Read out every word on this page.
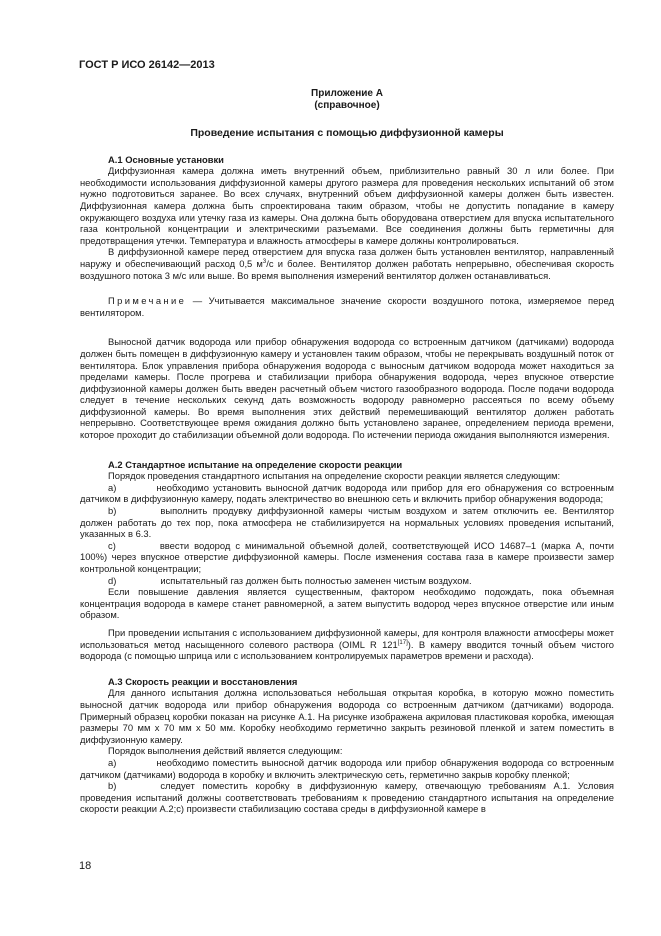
ГОСТ Р ИСО 26142—2013
Приложение А
(справочное)
Проведение испытания с помощью диффузионной камеры
А.1 Основные установки

Диффузионная камера должна иметь внутренний объем, приблизительно равный 30 л или более. При необходимости использования диффузионной камеры другого размера для проведения нескольких испытаний об этом нужно подготовиться заранее. Во всех случаях, внутренний объем диффузионной камеры должен быть известен. Диффузионная камера должна быть спроектирована таким образом, чтобы не допустить попадание в камеру окружающего воздуха или утечку газа из камеры. Она должна быть оборудована отверстием для впуска испытательного газа контрольной концентрации и электрическими разъемами. Все соединения должны быть герметичны для предотвращения утечки. Температура и влажность атмосферы в камере должны контролироваться.

В диффузионной камере перед отверстием для впуска газа должен быть установлен вентилятор, направленный наружу и обеспечивающий расход 0,5 $м^3/с$ и более. Вентилятор должен работать непрерывно, обеспечивая скорость воздушного потока 3 м/с или выше. Во время выполнения измерений вентилятор должен останавливаться.

Примечание — Учитывается максимальное значение скорости воздушного потока, измеряемое перед вентилятором.

Выносной датчик водорода или прибор обнаружения водорода со встроенным датчиком (датчиками) водорода должен быть помещен в диффузионную камеру и установлен таким образом, чтобы не перекрывать воздушный поток от вентилятора. Блок управления прибора обнаружения водорода с выносным датчиком водорода может находиться за пределами камеры. После прогрева и стабилизации прибора обнаружения водорода, через впускное отверстие диффузионной камеры должен быть введен расчетный объем чистого газообразного водорода. После подачи водорода следует в течение нескольких секунд дать возможность водороду равномерно рассеяться по всему объему диффузионной камеры. Во время выполнения этих действий перемешивающий вентилятор должен работать непрерывно. Соответствующее время ожидания должно быть установлено заранее, определением периода времени, которое проходит до стабилизации объемной доли водорода. По истечении периода ожидания выполняются измерения.

А.2 Стандартное испытание на определение скорости реакции

Порядок проведения стандартного испытания на определение скорости реакции является следующим:

а)	необходимо установить выносной датчик водорода или прибор для его обнаружения со встроенным датчиком в диффузионную камеру, подать электричество во внешнюю сеть и включить прибор обнаружения водорода;

b)	выполнить продувку диффузионной камеры чистым воздухом и затем отключить ее. Вентилятор должен работать до тех пор, пока атмосфера не стабилизируется на нормальных условиях проведения испытаний, указанных в 6.3.

с)	ввести водород с минимальной объемной долей, соответствующей ИСО 14687–1 (марка А, почти 100%) через впускное отверстие диффузионной камеры. После изменения состава газа в камере произвести замер контрольной концентрации;

d)	испытательный газ должен быть полностью заменен чистым воздухом.

Если повышение давления является существенным, фактором необходимо подождать, пока объемная концентрация водорода в камере станет равномерной, а затем выпустить водород через впускное отверстие или иным образом.

При проведении испытания с использованием диффузионной камеры, для контроля влажности атмосферы может использоваться метод насыщенного солевого раствора (OIML R 121[17]). В камеру вводится точный объем чистого водорода (с помощью шприца или с использованием контролируемых параметров времени и расхода).

А.3 Скорость реакции и восстановления

Для данного испытания должна использоваться небольшая открытая коробка, в которую можно поместить выносной датчик водорода или прибор обнаружения водорода со встроенным датчиком (датчиками) водорода. Примерный образец коробки показан на рисунке А.1. На рисунке изображена акриловая пластиковая коробка, имеющая размеры 70 мм x 70 мм x 50 мм. Коробку необходимо герметично закрыть резиновой пленкой и затем поместить в диффузионную камеру.

Порядок выполнения действий является следующим:

а)	необходимо поместить выносной датчик водорода или прибор обнаружения водорода со встроенным датчиком (датчиками) водорода в коробку и включить электрическую сеть, герметично закрыв коробку пленкой;

b)	следует поместить коробку в диффузионную камеру, отвечающую требованиям А.1. Условия проведения испытаний должны соответствовать требованиям к проведению стандартного испытания на определение скорости реакции А.2;с) произвести стабилизацию состава среды в диффузионной камере в

18
